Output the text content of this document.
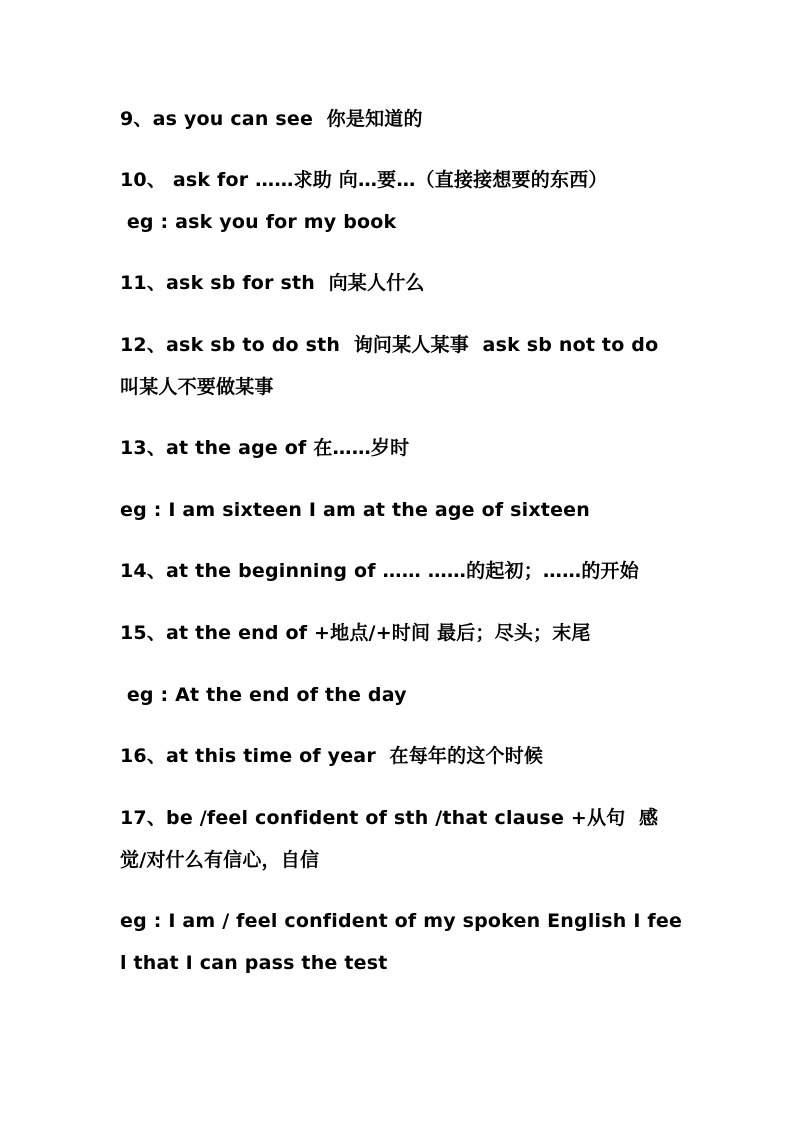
9、as you can see  你是知道的
10、 ask for ……求助 向…要…（直接接想要的东西）
eg : ask you for my book
11、ask sb for sth  向某人什么
12、ask sb to do sth  询问某人某事  ask sb not to do
叫某人不要做某事
13、at the age of 在……岁时
eg : I am sixteen I am at the age of sixteen
14、at the beginning of …… ……的起初；……的开始
15、at the end of +地点/+时间 最后；尽头；末尾
eg : At the end of the day
16、at this time of year  在每年的这个时候
17、be /feel confident of sth /that clause +从句  感
觉/对什么有信心，自信
eg : I am / feel confident of my spoken English I fee
l that I can pass the test
